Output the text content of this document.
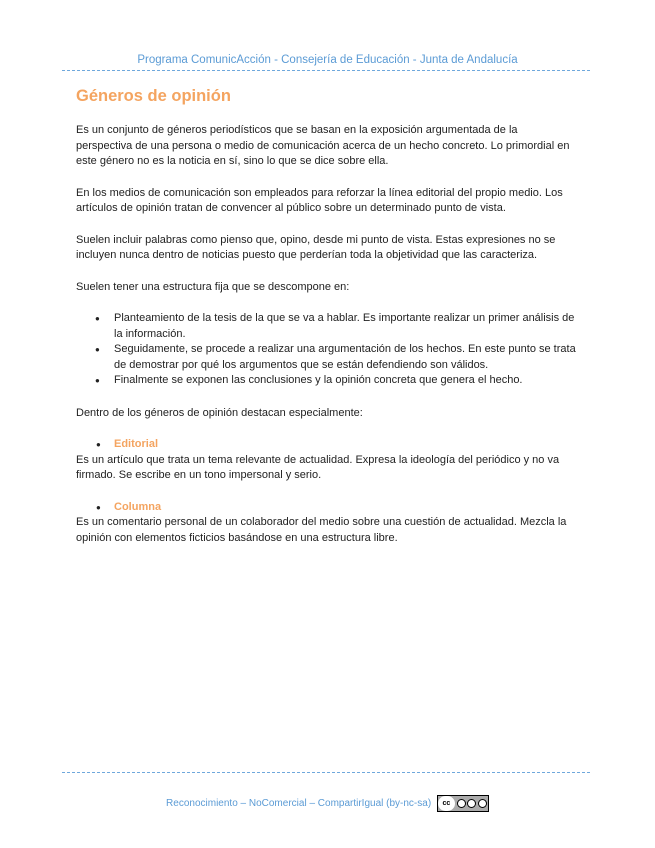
Programa ComunicAcción - Consejería de Educación - Junta de Andalucía
Géneros de opinión

Es un conjunto de géneros periodísticos que se basan en la exposición argumentada de la perspectiva de una persona o medio de comunicación acerca de un hecho concreto. Lo primordial en este género no es la noticia en sí, sino lo que se dice sobre ella.

En los medios de comunicación son empleados para reforzar la línea editorial del propio medio. Los artículos de opinión tratan de convencer al público sobre un determinado punto de vista.

Suelen incluir palabras como pienso que, opino, desde mi punto de vista. Estas expresiones no se incluyen nunca dentro de noticias puesto que perderían toda la objetividad que las caracteriza.

Suelen tener una estructura fija que se descompone en:

● Planteamiento de la tesis de la que se va a hablar. Es importante realizar un primer análisis de la información.
● Seguidamente, se procede a realizar una argumentación de los hechos. En este punto se trata de demostrar por qué los argumentos que se están defendiendo son válidos.
● Finalmente se exponen las conclusiones y la opinión concreta que genera el hecho.

Dentro de los géneros de opinión destacan especialmente:

● Editorial

Es un artículo que trata un tema relevante de actualidad. Expresa la ideología del periódico y no va firmado. Se escribe en un tono impersonal y serio.

● Columna

Es un comentario personal de un colaborador del medio sobre una cuestión de actualidad. Mezcla la opinión con elementos ficticios basándose en una estructura libre.

Reconocimiento – NoComercial – CompartirIgual (by-nc-sa)	cc
